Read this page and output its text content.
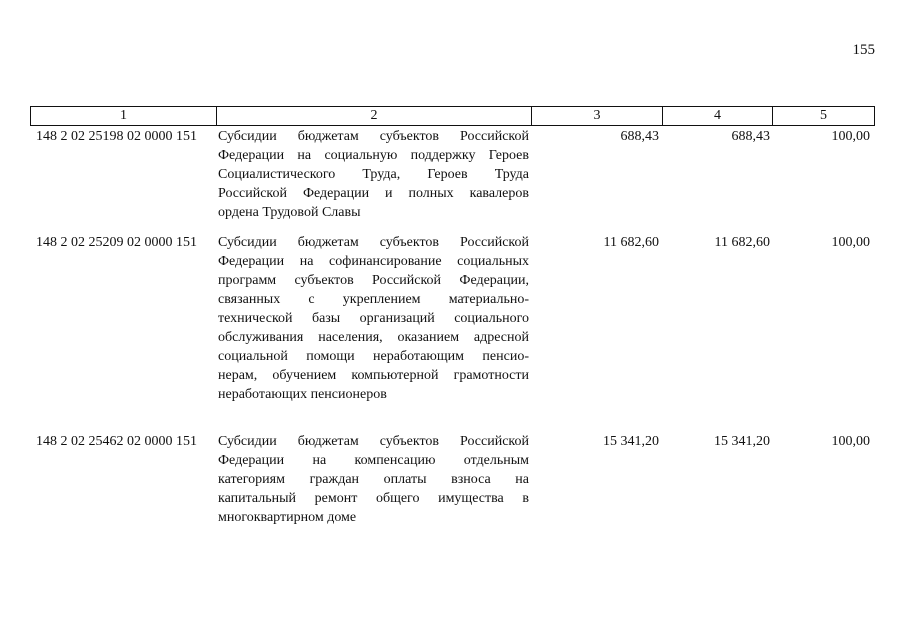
155
1	2	3	4	5
148 2 02 25198 02 0000 151	Субсидии бюджетам субъектов Российской
Федерации на социальную поддержку Героев
Социалистического Труда, Героев Труда
Российской Федерации и полных кавалеров
ордена Трудовой Славы
688,43	688,43	100,00
148 2 02 25209 02 0000 151	Субсидии бюджетам субъектов Российской
Федерации на софинансирование социальных
программ субъектов Российской Федерации,
связанных с укреплением материально-
технической базы организаций социального
обслуживания населения, оказанием адресной
социальной помощи неработающим пенсио-
нерам, обучением компьютерной грамотности
неработающих пенсионеров
11 682,60	11 682,60	100,00
148 2 02 25462 02 0000 151	Субсидии бюджетам субъектов Российской
Федерации на компенсацию отдельным
категориям граждан оплаты взноса на
капитальный ремонт общего имущества в
многоквартирном доме
15 341,20	15 341,20	100,00
